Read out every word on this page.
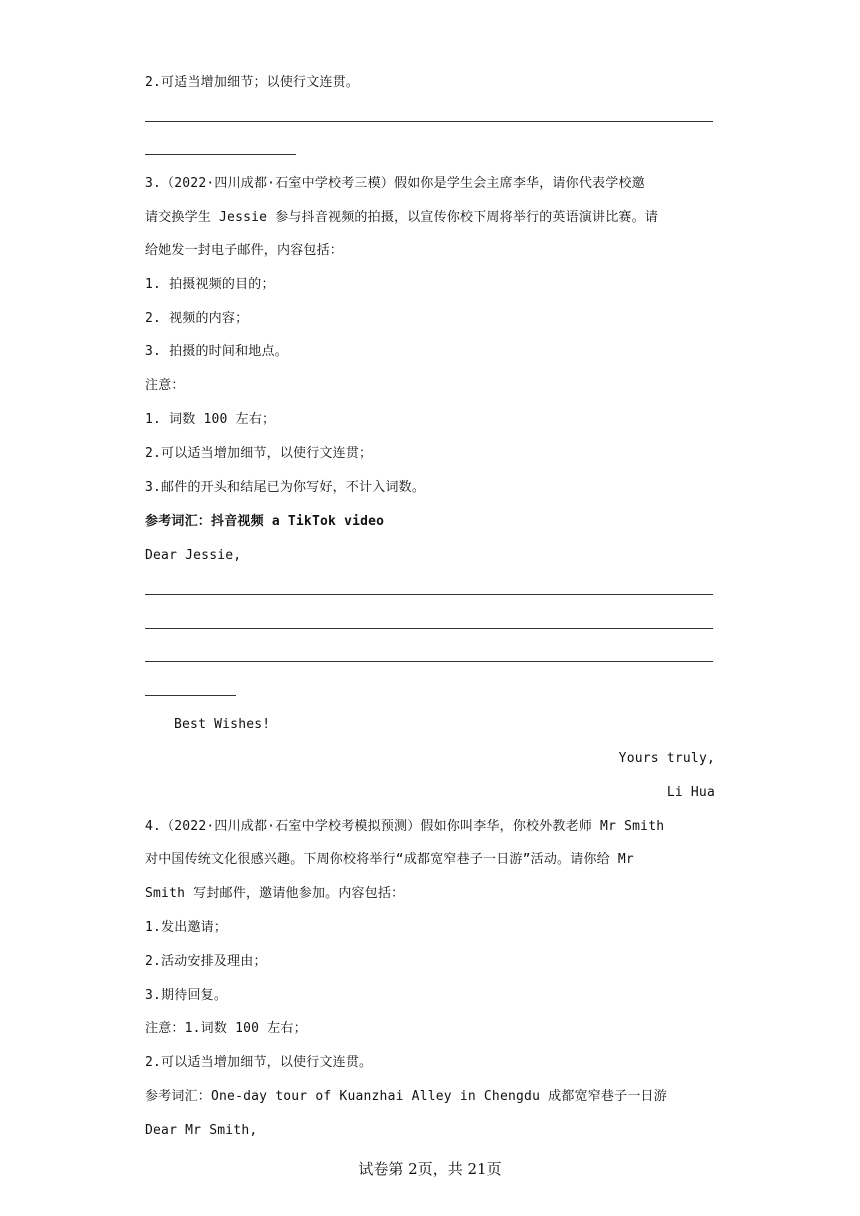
2.可适当增加细节；以使行文连贯。
3.（2022·四川成都·石室中学校考三模）假如你是学生会主席李华，请你代表学校邀
请交换学生 Jessie 参与抖音视频的拍摄，以宣传你校下周将举行的英语演讲比赛。请
给她发一封电子邮件，内容包括：
1. 拍摄视频的目的；
2. 视频的内容；
3. 拍摄的时间和地点。
注意：
1. 词数 100 左右；
2.可以适当增加细节，以使行文连贯；
3.邮件的开头和结尾已为你写好，不计入词数。
参考词汇：抖音视频 a TikTok video
Dear Jessie,
Best Wishes!
Yours truly,
Li Hua
4.（2022·四川成都·石室中学校考模拟预测）假如你叫李华，你校外教老师 Mr Smith
对中国传统文化很感兴趣。下周你校将举行“成都宽窄巷子一日游”活动。请你给 Mr
Smith 写封邮件，邀请他参加。内容包括：
1.发出邀请；
2.活动安排及理由；
3.期待回复。
注意：1.词数 100 左右；
2.可以适当增加细节，以使行文连贯。
参考词汇：One-day tour of Kuanzhai Alley in Chengdu 成都宽窄巷子一日游
Dear Mr Smith,
试卷第 2页，共 21页
